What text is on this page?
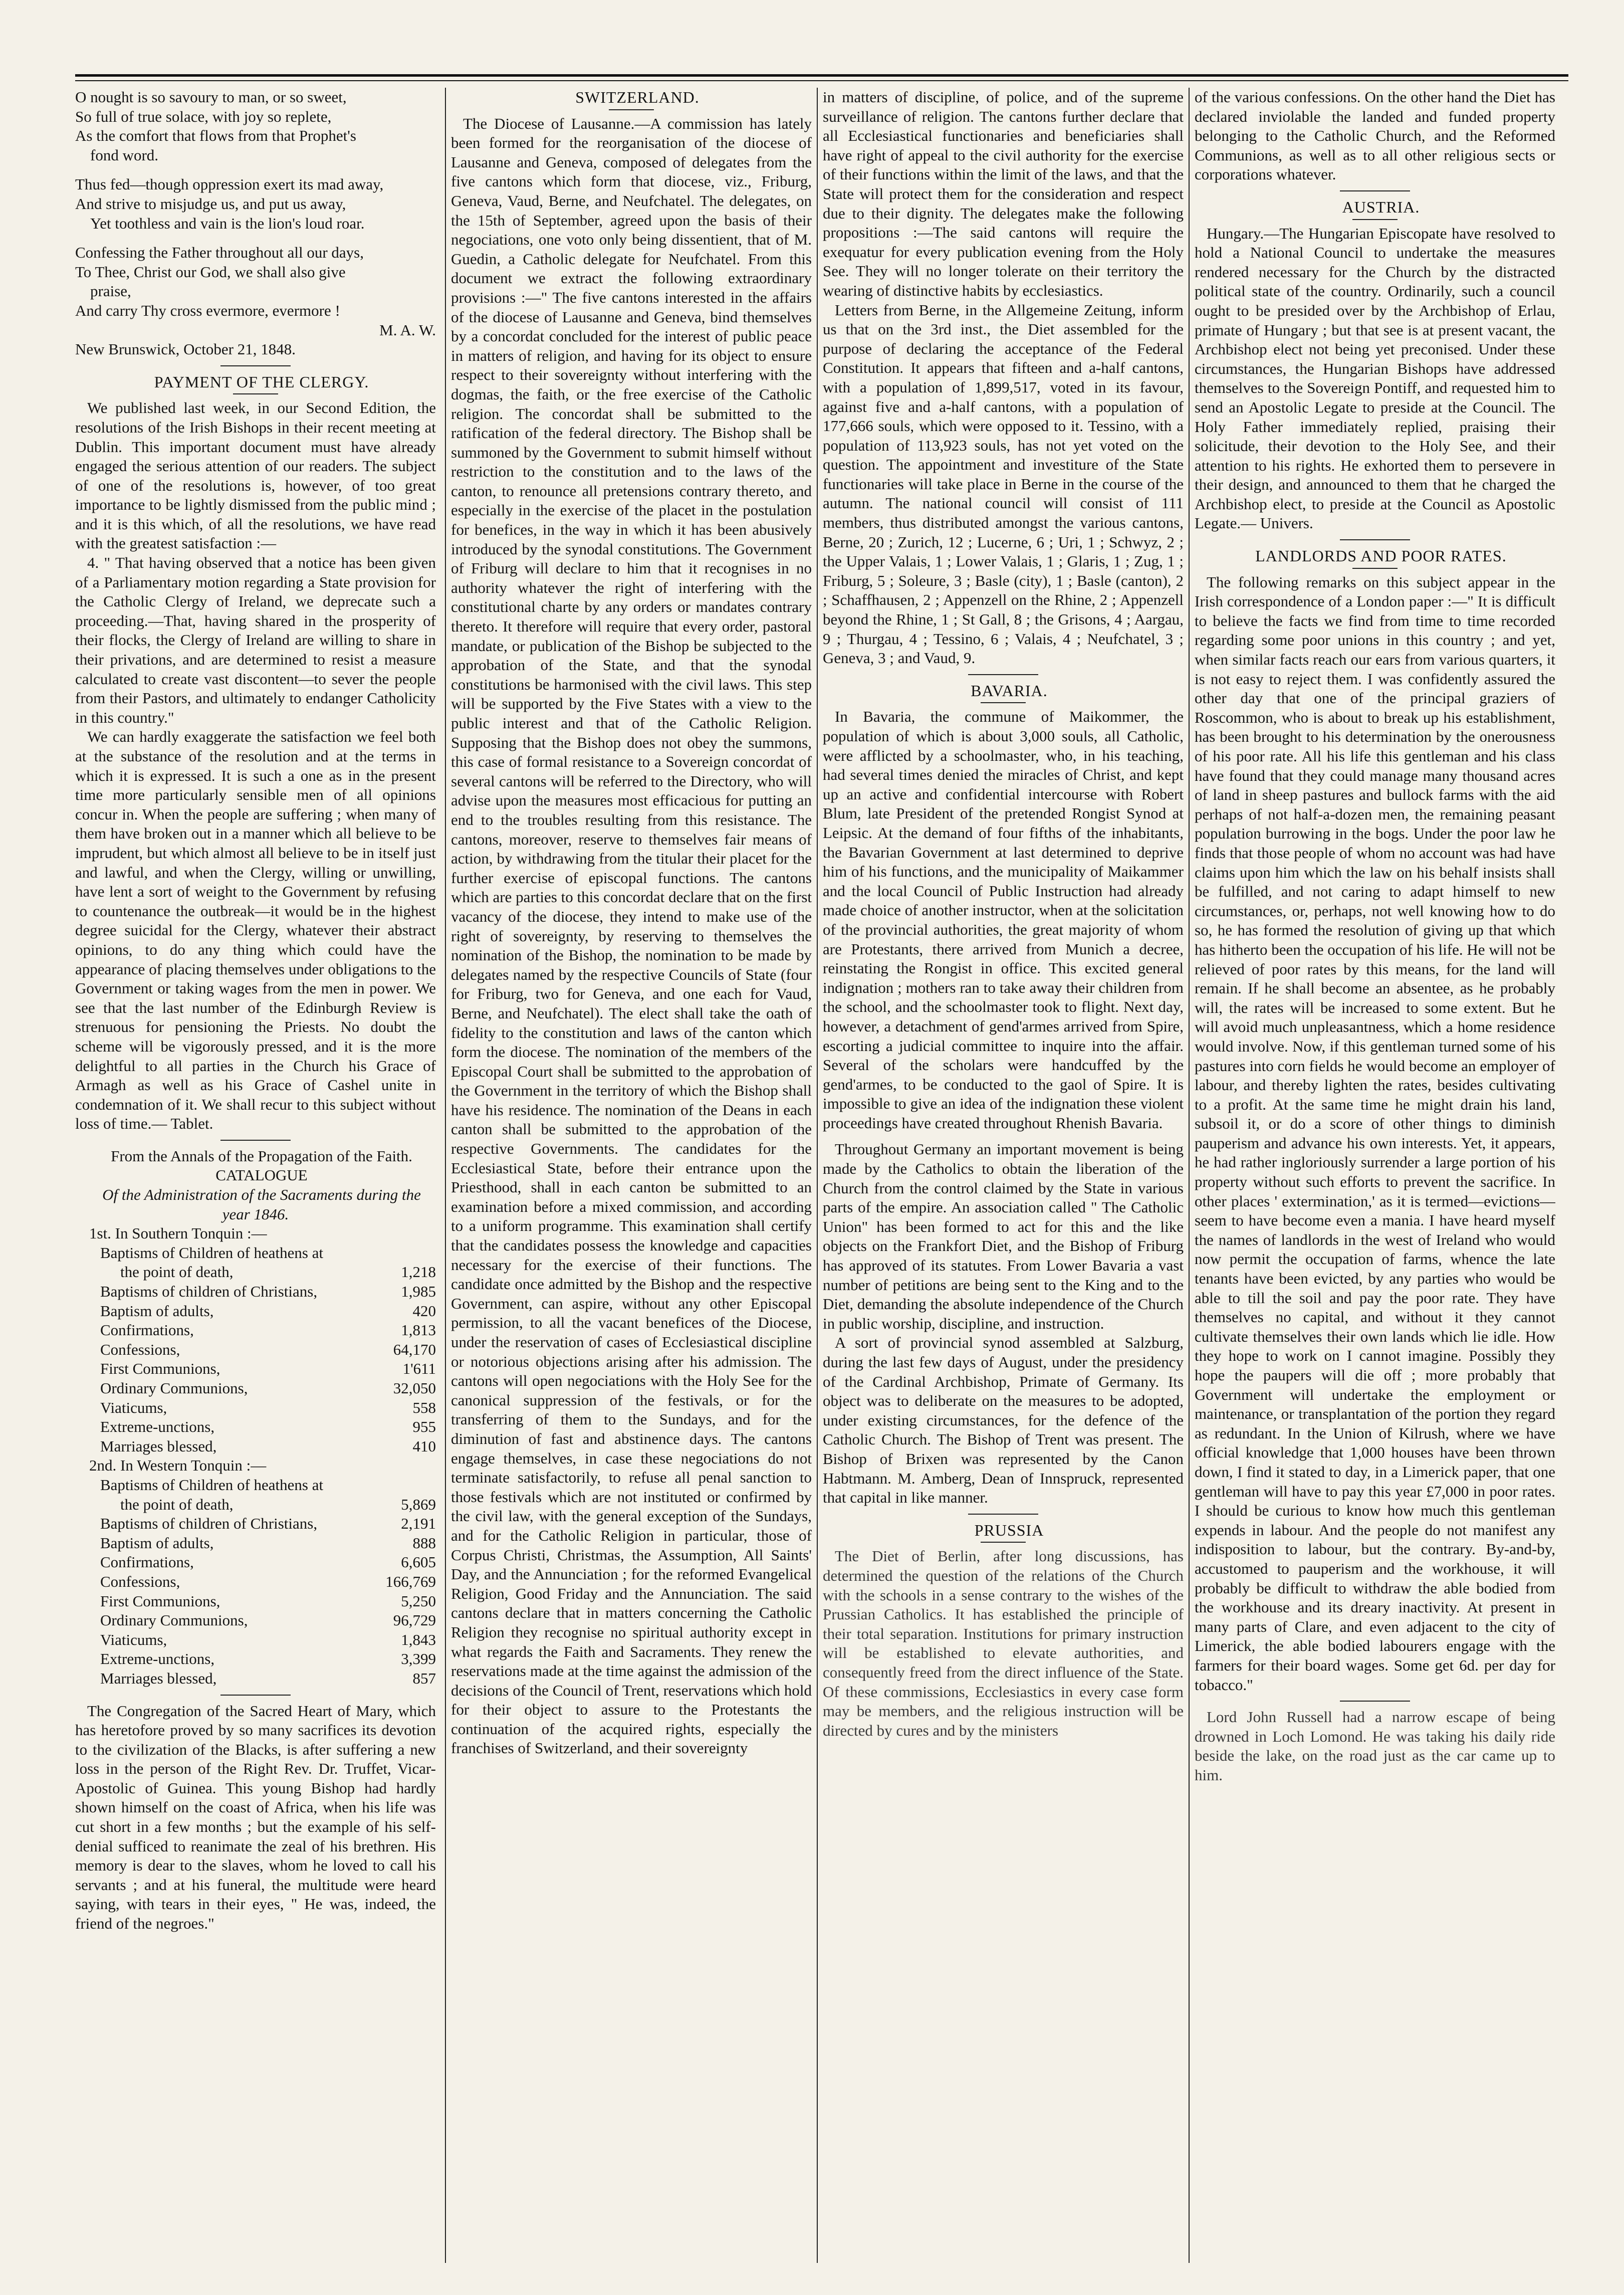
O nought is so savoury to man, or so sweet,

So full of true solace, with joy so replete,

As the comfort that flows from that Prophet's

fond word.

Thus fed—though oppression exert its mad away,

And strive to misjudge us, and put us away,

Yet toothless and vain is the lion's loud roar.

Confessing the Father throughout all our days,

To Thee, Christ our God, we shall also give

praise,

And carry Thy cross evermore, evermore !

M. A. W.

New Brunswick, October 21, 1848.

PAYMENT OF THE CLERGY.

We published last week, in our Second Edition, the resolutions of the Irish Bishops in their recent meeting at Dublin. This important document must have already engaged the serious attention of our readers. The subject of one of the resolutions is, however, of too great importance to be lightly dismissed from the public mind ; and it is this which, of all the resolutions, we have read with the greatest satisfaction :—

4. " That having observed that a notice has been given of a Parliamentary motion regarding a State provision for the Catholic Clergy of Ireland, we deprecate such a proceeding.—That, having shared in the prosperity of their flocks, the Clergy of Ireland are willing to share in their privations, and are determined to resist a measure calculated to create vast discontent—to sever the people from their Pastors, and ultimately to endanger Catholicity in this country."

We can hardly exaggerate the satisfaction we feel both at the substance of the resolution and at the terms in which it is expressed. It is such a one as in the present time more particularly sensible men of all opinions concur in. When the people are suffering ; when many of them have broken out in a manner which all believe to be imprudent, but which almost all believe to be in itself just and lawful, and when the Clergy, willing or unwilling, have lent a sort of weight to the Government by refusing to countenance the outbreak—it would be in the highest degree suicidal for the Clergy, whatever their abstract opinions, to do any thing which could have the appearance of placing themselves under obligations to the Government or taking wages from the men in power. We see that the last number of the Edinburgh Review is strenuous for pensioning the Priests. No doubt the scheme will be vigorously pressed, and it is the more delightful to all parties in the Church his Grace of Armagh as well as his Grace of Cashel unite in condemnation of it. We shall recur to this subject without loss of time.— Tablet.

From the Annals of the Propagation of the Faith.

CATALOGUE

Of the Administration of the Sacraments during the year 1846.

1st. In Southern Tonquin :—

Baptisms of Children of heathens at
the point of death,	1,218
Baptisms of children of Christians,	1,985
Baptism of adults,	420
Confirmations,	1,813
Confessions,	64,170
First Communions,	1'611
Ordinary Communions,	32,050
Viaticums,	558
Extreme-unctions,	955
Marriages blessed,	410

2nd. In Western Tonquin :—

Baptisms of Children of heathens at
the point of death,	5,869
Baptisms of children of Christians,	2,191
Baptism of adults,	888
Confirmations,	6,605
Confessions,	166,769
First Communions,	5,250
Ordinary Communions,	96,729
Viaticums,	1,843
Extreme-unctions,	3,399
Marriages blessed,	857

The Congregation of the Sacred Heart of Mary, which has heretofore proved by so many sacrifices its devotion to the civilization of the Blacks, is after suffering a new loss in the person of the Right Rev. Dr. Truffet, Vicar-Apostolic of Guinea. This young Bishop had hardly shown himself on the coast of Africa, when his life was cut short in a few months ; but the example of his self-denial sufficed to reanimate the zeal of his brethren. His memory is dear to the slaves, whom he loved to call his servants ; and at his funeral, the multitude were heard saying, with tears in their eyes, " He was, indeed, the friend of the negroes."

SWITZERLAND.

The Diocese of Lausanne.—A commission has lately been formed for the reorganisation of the diocese of Lausanne and Geneva, composed of delegates from the five cantons which form that diocese, viz., Friburg, Geneva, Vaud, Berne, and Neufchatel. The delegates, on the 15th of September, agreed upon the basis of their negociations, one voto only being dissentient, that of M. Guedin, a Catholic delegate for Neufchatel. From this document we extract the following extraordinary provisions :—" The five cantons interested in the affairs of the diocese of Lausanne and Geneva, bind themselves by a concordat concluded for the interest of public peace in matters of religion, and having for its object to ensure respect to their sovereignty without interfering with the dogmas, the faith, or the free exercise of the Catholic religion. The concordat shall be submitted to the ratification of the federal directory. The Bishop shall be summoned by the Government to submit himself without restriction to the constitution and to the laws of the canton, to renounce all pretensions contrary thereto, and especially in the exercise of the placet in the postulation for benefices, in the way in which it has been abusively introduced by the synodal constitutions. The Government of Friburg will declare to him that it recognises in no authority whatever the right of interfering with the constitutional charte by any orders or mandates contrary thereto. It therefore will require that every order, pastoral mandate, or publication of the Bishop be subjected to the approbation of the State, and that the synodal constitutions be harmonised with the civil laws. This step will be supported by the Five States with a view to the public interest and that of the Catholic Religion. Supposing that the Bishop does not obey the summons, this case of formal resistance to a Sovereign concordat of several cantons will be referred to the Directory, who will advise upon the measures most efficacious for putting an end to the troubles resulting from this resistance. The cantons, moreover, reserve to themselves fair means of action, by withdrawing from the titular their placet for the further exercise of episcopal functions. The cantons which are parties to this concordat declare that on the first vacancy of the diocese, they intend to make use of the right of sovereignty, by reserving to themselves the nomination of the Bishop, the nomination to be made by delegates named by the respective Councils of State (four for Friburg, two for Geneva, and one each for Vaud, Berne, and Neufchatel). The elect shall take the oath of fidelity to the constitution and laws of the canton which form the diocese. The nomination of the members of the Episcopal Court shall be submitted to the approbation of the Government in the territory of which the Bishop shall have his residence. The nomination of the Deans in each canton shall be submitted to the approbation of the respective Governments. The candidates for the Ecclesiastical State, before their entrance upon the Priesthood, shall in each canton be submitted to an examination before a mixed commission, and according to a uniform programme. This examination shall certify that the candidates possess the knowledge and capacities necessary for the exercise of their functions. The candidate once admitted by the Bishop and the respective Government, can aspire, without any other Episcopal permission, to all the vacant benefices of the Diocese, under the reservation of cases of Ecclesiastical discipline or notorious objections arising after his admission. The cantons will open negociations with the Holy See for the canonical suppression of the festivals, or for the transferring of them to the Sundays, and for the diminution of fast and abstinence days. The cantons engage themselves, in case these negociations do not terminate satisfactorily, to refuse all penal sanction to those festivals which are not instituted or confirmed by the civil law, with the general exception of the Sundays, and for the Catholic Religion in particular, those of Corpus Christi, Christmas, the Assumption, All Saints' Day, and the Annunciation ; for the reformed Evangelical Religion, Good Friday and the Annunciation. The said cantons declare that in matters concerning the Catholic Religion they recognise no spiritual authority except in what regards the Faith and Sacraments. They renew the reservations made at the time against the admission of the decisions of the Council of Trent, reservations which hold for their object to assure to the Protestants the continuation of the acquired rights, especially the franchises of Switzerland, and their sovereignty

in matters of discipline, of police, and of the supreme surveillance of religion. The cantons further declare that all Ecclesiastical functionaries and beneficiaries shall have right of appeal to the civil authority for the exercise of their functions within the limit of the laws, and that the State will protect them for the consideration and respect due to their dignity. The delegates make the following propositions :—The said cantons will require the exequatur for every publication evening from the Holy See. They will no longer tolerate on their territory the wearing of distinctive habits by ecclesiastics.

Letters from Berne, in the Allgemeine Zeitung, inform us that on the 3rd inst., the Diet assembled for the purpose of declaring the acceptance of the Federal Constitution. It appears that fifteen and a-half cantons, with a population of 1,899,517, voted in its favour, against five and a-half cantons, with a population of 177,666 souls, which were opposed to it. Tessino, with a population of 113,923 souls, has not yet voted on the question. The appointment and investiture of the State functionaries will take place in Berne in the course of the autumn. The national council will consist of 111 members, thus distributed amongst the various cantons, Berne, 20 ; Zurich, 12 ; Lucerne, 6 ; Uri, 1 ; Schwyz, 2 ; the Upper Valais, 1 ; Lower Valais, 1 ; Glaris, 1 ; Zug, 1 ; Friburg, 5 ; Soleure, 3 ; Basle (city), 1 ; Basle (canton), 2 ; Schaffhausen, 2 ; Appenzell on the Rhine, 2 ; Appenzell beyond the Rhine, 1 ; St Gall, 8 ; the Grisons, 4 ; Aargau, 9 ; Thurgau, 4 ; Tessino, 6 ; Valais, 4 ; Neufchatel, 3 ; Geneva, 3 ; and Vaud, 9.

BAVARIA.

In Bavaria, the commune of Maikommer, the population of which is about 3,000 souls, all Catholic, were afflicted by a schoolmaster, who, in his teaching, had several times denied the miracles of Christ, and kept up an active and confidential intercourse with Robert Blum, late President of the pretended Rongist Synod at Leipsic. At the demand of four fifths of the inhabitants, the Bavarian Government at last determined to deprive him of his functions, and the municipality of Maikammer and the local Council of Public Instruction had already made choice of another instructor, when at the solicitation of the provincial authorities, the great majority of whom are Protestants, there arrived from Munich a decree, reinstating the Rongist in office. This excited general indignation ; mothers ran to take away their children from the school, and the schoolmaster took to flight. Next day, however, a detachment of gend'armes arrived from Spire, escorting a judicial committee to inquire into the affair. Several of the scholars were handcuffed by the gend'armes, to be conducted to the gaol of Spire. It is impossible to give an idea of the indignation these violent proceedings have created throughout Rhenish Bavaria.

Throughout Germany an important movement is being made by the Catholics to obtain the liberation of the Church from the control claimed by the State in various parts of the empire. An association called " The Catholic Union" has been formed to act for this and the like objects on the Frankfort Diet, and the Bishop of Friburg has approved of its statutes. From Lower Bavaria a vast number of petitions are being sent to the King and to the Diet, demanding the absolute independence of the Church in public worship, discipline, and instruction.

A sort of provincial synod assembled at Salzburg, during the last few days of August, under the presidency of the Cardinal Archbishop, Primate of Germany. Its object was to deliberate on the measures to be adopted, under existing circumstances, for the defence of the Catholic Church. The Bishop of Trent was present. The Bishop of Brixen was represented by the Canon Habtmann. M. Amberg, Dean of Innspruck, represented that capital in like manner.

PRUSSIA

The Diet of Berlin, after long discussions, has determined the question of the relations of the Church with the schools in a sense contrary to the wishes of the Prussian Catholics. It has established the principle of their total separation. Institutions for primary instruction will be established to elevate authorities, and consequently freed from the direct influence of the State. Of these commissions, Ecclesiastics in every case form may be members, and the religious instruction will be directed by cures and by the ministers

of the various confessions. On the other hand the Diet has declared inviolable the landed and funded property belonging to the Catholic Church, and the Reformed Communions, as well as to all other religious sects or corporations whatever.

AUSTRIA.

Hungary.—The Hungarian Episcopate have resolved to hold a National Council to undertake the measures rendered necessary for the Church by the distracted political state of the country. Ordinarily, such a council ought to be presided over by the Archbishop of Erlau, primate of Hungary ; but that see is at present vacant, the Archbishop elect not being yet preconised. Under these circumstances, the Hungarian Bishops have addressed themselves to the Sovereign Pontiff, and requested him to send an Apostolic Legate to preside at the Council. The Holy Father immediately replied, praising their solicitude, their devotion to the Holy See, and their attention to his rights. He exhorted them to persevere in their design, and announced to them that he charged the Archbishop elect, to preside at the Council as Apostolic Legate.— Univers.

LANDLORDS AND POOR RATES.

The following remarks on this subject appear in the Irish correspondence of a London paper :—" It is difficult to believe the facts we find from time to time recorded regarding some poor unions in this country ; and yet, when similar facts reach our ears from various quarters, it is not easy to reject them. I was confidently assured the other day that one of the principal graziers of Roscommon, who is about to break up his establishment, has been brought to his determination by the onerousness of his poor rate. All his life this gentleman and his class have found that they could manage many thousand acres of land in sheep pastures and bullock farms with the aid perhaps of not half-a-dozen men, the remaining peasant population burrowing in the bogs. Under the poor law he finds that those people of whom no account was had have claims upon him which the law on his behalf insists shall be fulfilled, and not caring to adapt himself to new circumstances, or, perhaps, not well knowing how to do so, he has formed the resolution of giving up that which has hitherto been the occupation of his life. He will not be relieved of poor rates by this means, for the land will remain. If he shall become an absentee, as he probably will, the rates will be increased to some extent. But he will avoid much unpleasantness, which a home residence would involve. Now, if this gentleman turned some of his pastures into corn fields he would become an employer of labour, and thereby lighten the rates, besides cultivating to a profit. At the same time he might drain his land, subsoil it, or do a score of other things to diminish pauperism and advance his own interests. Yet, it appears, he had rather ingloriously surrender a large portion of his property without such efforts to prevent the sacrifice. In other places ' extermination,' as it is termed—evictions—seem to have become even a mania. I have heard myself the names of landlords in the west of Ireland who would now permit the occupation of farms, whence the late tenants have been evicted, by any parties who would be able to till the soil and pay the poor rate. They have themselves no capital, and without it they cannot cultivate themselves their own lands which lie idle. How they hope to work on I cannot imagine. Possibly they hope the paupers will die off ; more probably that Government will undertake the employment or maintenance, or transplantation of the portion they regard as redundant. In the Union of Kilrush, where we have official knowledge that 1,000 houses have been thrown down, I find it stated to day, in a Limerick paper, that one gentleman will have to pay this year £7,000 in poor rates. I should be curious to know how much this gentleman expends in labour. And the people do not manifest any indisposition to labour, but the contrary. By-and-by, accustomed to pauperism and the workhouse, it will probably be difficult to withdraw the able bodied from the workhouse and its dreary inactivity. At present in many parts of Clare, and even adjacent to the city of Limerick, the able bodied labourers engage with the farmers for their board wages. Some get 6d. per day for tobacco."

Lord John Russell had a narrow escape of being drowned in Loch Lomond. He was taking his daily ride beside the lake, on the road just as the car came up to him.
